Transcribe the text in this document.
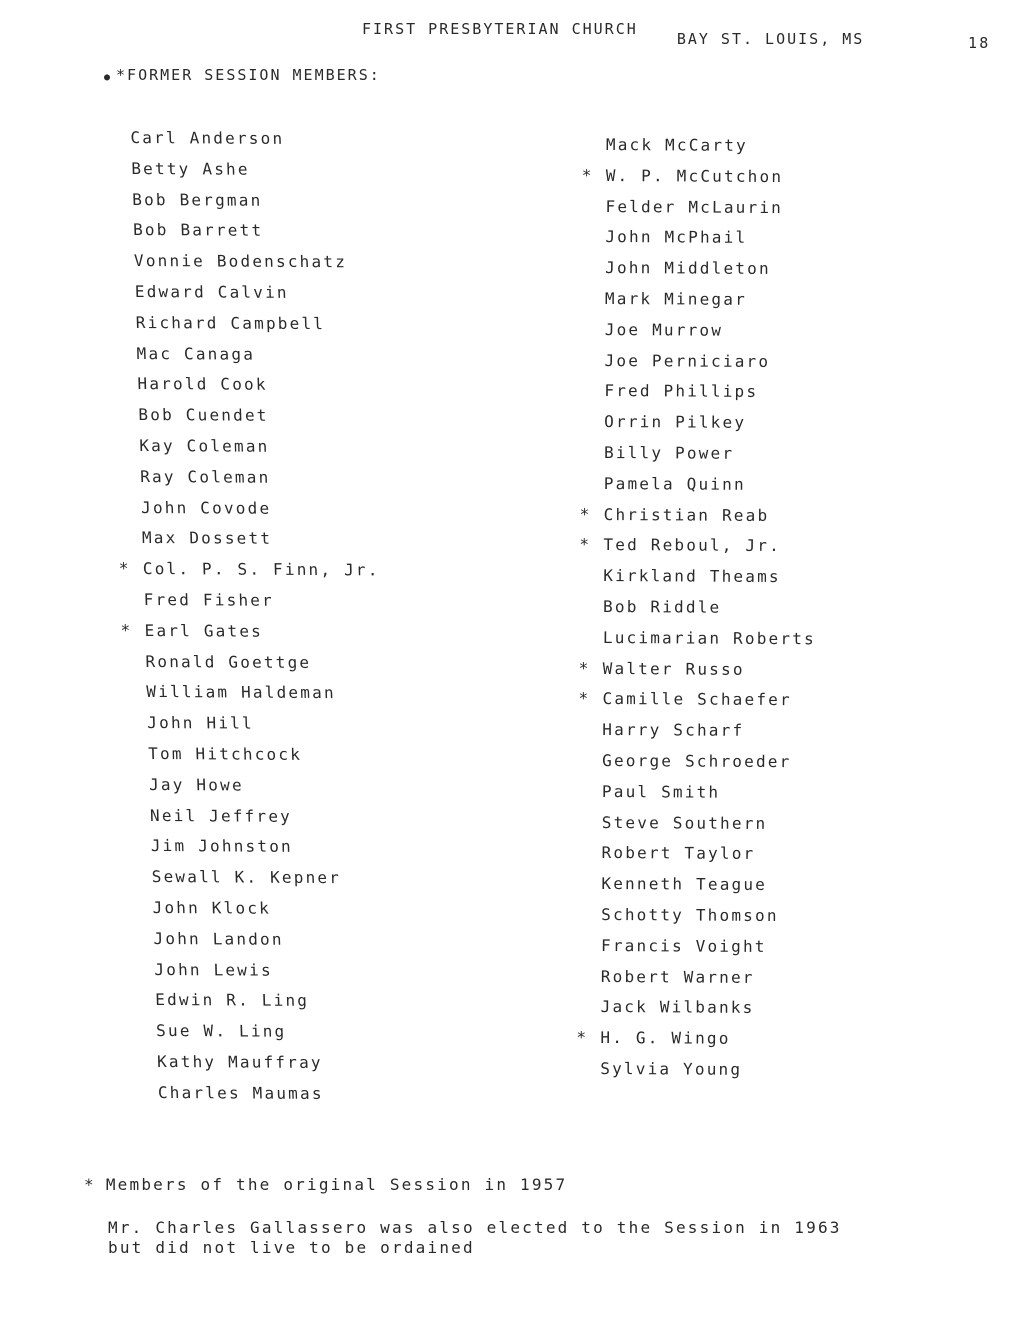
FIRST PRESBYTERIAN CHURCH BAY ST. LOUIS, MS	18
● *FORMER SESSION MEMBERS:
Carl Anderson
Betty Ashe
Bob Bergman
Bob Barrett
Vonnie Bodenschatz
Edward Calvin
Richard Campbell
Mac Canaga
Harold Cook
Bob Cuendet
Kay Coleman
Ray Coleman
John Covode
Max Dossett
* Col. P. S. Finn, Jr.
Fred Fisher
* Earl Gates
Ronald Goettge
William Haldeman
John Hill
Tom Hitchcock
Jay Howe
Neil Jeffrey
Jim Johnston
Sewall K. Kepner
John Klock
John Landon
John Lewis
Edwin R. Ling
Sue W. Ling
Kathy Mauffray
Charles Maumas
Mack McCarty
* W. P. McCutchon
Felder McLaurin
John McPhail
John Middleton
Mark Minegar
Joe Murrow
Joe Perniciaro
Fred Phillips
Orrin Pilkey
Billy Power
Pamela Quinn
* Christian Reab
* Ted Reboul, Jr.
Kirkland Theams
Bob Riddle
Lucimarian Roberts
* Walter Russo
* Camille Schaefer
Harry Scharf
George Schroeder
Paul Smith
Steve Southern
Robert Taylor
Kenneth Teague
Schotty Thomson
Francis Voight
Robert Warner
Jack Wilbanks
* H. G. Wingo
Sylvia Young
* Members of the original Session in 1957
Mr. Charles Gallassero was also elected to the Session in 1963
but did not live to be ordained
